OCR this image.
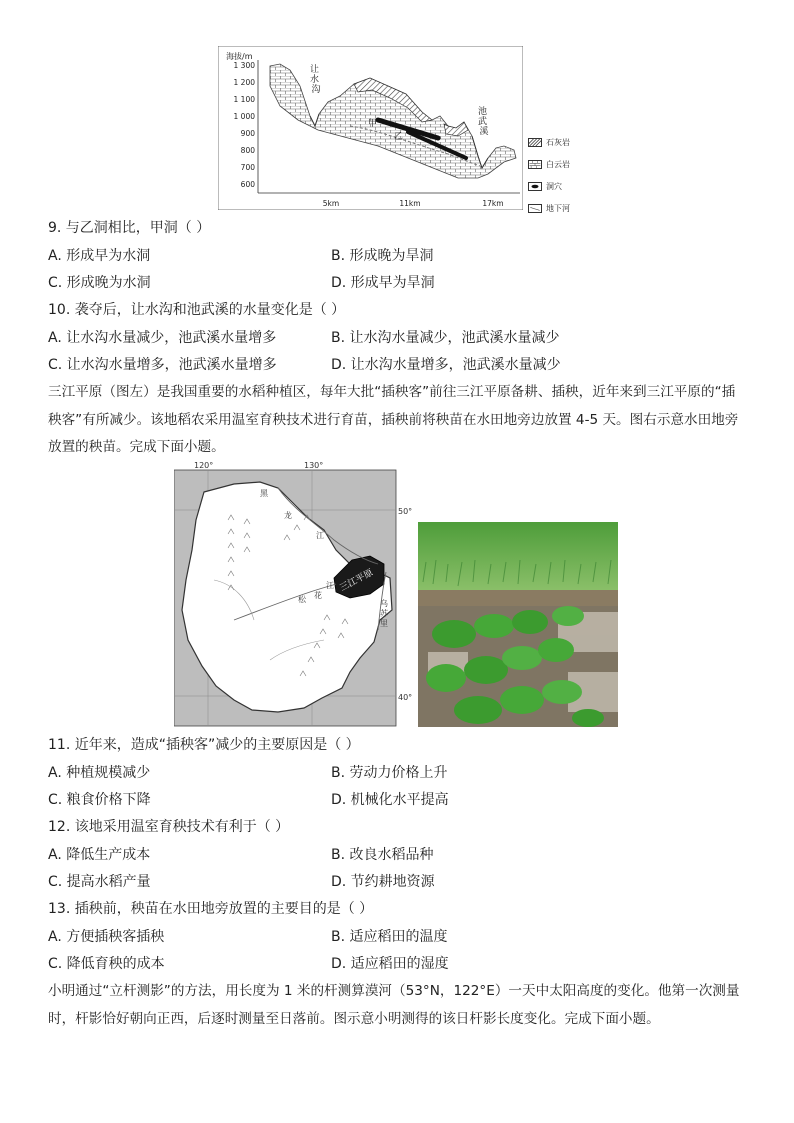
海拔/m
1 300
1 200
1 100
1 000
900
800
700
600
5km	11km	17km
甲
乙
让 水 沟
池 武 溪
石灰岩
白云岩
洞穴
地下河
9. 与乙洞相比，甲洞（ ）
A. 形成早为水洞	B. 形成晚为旱洞
C. 形成晚为水洞	D. 形成早为旱洞
10. 袭夺后，让水沟和池武溪的水量变化是（ ）
A. 让水沟水量减少，池武溪水量增多	B. 让水沟水量减少，池武溪水量减少
C. 让水沟水量增多，池武溪水量增多	D. 让水沟水量增多，池武溪水量减少
三江平原（图左）是我国重要的水稻种植区，每年大批“插秧客”前往三江平原备耕、插秧，近年来到三江平原的“插
秧客”有所减少。该地稻农采用温室育秧技术进行育苗，插秧前将秧苗在水田地旁边放置 4-5 天。图右示意水田地旁
放置的秧苗。完成下面小题。
120°	130°
50°
40°
黑
龙
江
松 花
江
乌
苏
里
三江平原
11. 近年来，造成“插秧客”减少的主要原因是（ ）
A. 种植规模减少	B. 劳动力价格上升
C. 粮食价格下降	D. 机械化水平提高
12. 该地采用温室育秧技术有利于（ ）
A. 降低生产成本	B. 改良水稻品种
C. 提高水稻产量	D. 节约耕地资源
13. 插秧前，秧苗在水田地旁放置的主要目的是（ ）
A. 方便插秧客插秧	B. 适应稻田的温度
C. 降低育秧的成本	D. 适应稻田的湿度
小明通过“立杆测影”的方法，用长度为 1 米的杆测算漠河（53°N，122°E）一天中太阳高度的变化。他第一次测量
时，杆影恰好朝向正西，后逐时测量至日落前。图示意小明测得的该日杆影长度变化。完成下面小题。
